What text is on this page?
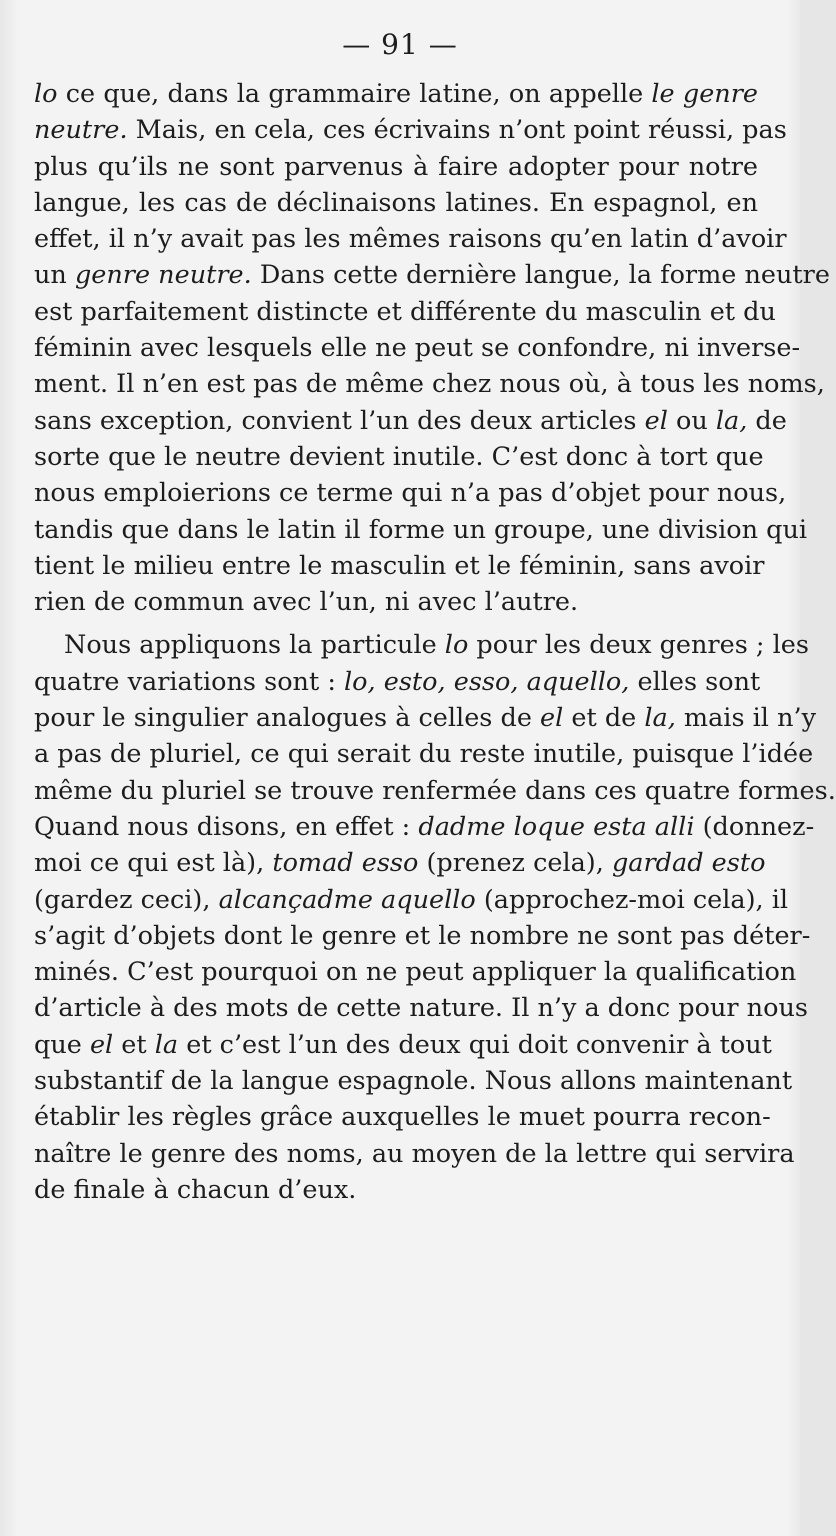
— 91 —
lo ce que, dans la grammaire latine, on appelle le genre
neutre. Mais, en cela, ces écrivains n’ont point réussi, pas
plus qu’ils ne sont parvenus à faire adopter pour notre
langue, les cas de déclinaisons latines. En espagnol, en
effet, il n’y avait pas les mêmes raisons qu’en latin d’avoir
un genre neutre. Dans cette dernière langue, la forme neutre
est parfaitement distincte et différente du masculin et du
féminin avec lesquels elle ne peut se confondre, ni inverse-
ment. Il n’en est pas de même chez nous où, à tous les noms,
sans exception, convient l’un des deux articles el ou la, de
sorte que le neutre devient inutile. C’est donc à tort que
nous emploierions ce terme qui n’a pas d’objet pour nous,
tandis que dans le latin il forme un groupe, une division qui
tient le milieu entre le masculin et le féminin, sans avoir
rien de commun avec l’un, ni avec l’autre.
Nous appliquons la particule lo pour les deux genres ; les
quatre variations sont : lo, esto, esso, aquello, elles sont
pour le singulier analogues à celles de el et de la, mais il n’y
a pas de pluriel, ce qui serait du reste inutile, puisque l’idée
même du pluriel se trouve renfermée dans ces quatre formes.
Quand nous disons, en effet : dadme loque esta alli (donnez-
moi ce qui est là), tomad esso (prenez cela), gardad esto
(gardez ceci), alcançadme aquello (approchez-moi cela), il
s’agit d’objets dont le genre et le nombre ne sont pas déter-
minés. C’est pourquoi on ne peut appliquer la qualification
d’article à des mots de cette nature. Il n’y a donc pour nous
que el et la et c’est l’un des deux qui doit convenir à tout
substantif de la langue espagnole. Nous allons maintenant
établir les règles grâce auxquelles le muet pourra recon-
naître le genre des noms, au moyen de la lettre qui servira
de finale à chacun d’eux.
